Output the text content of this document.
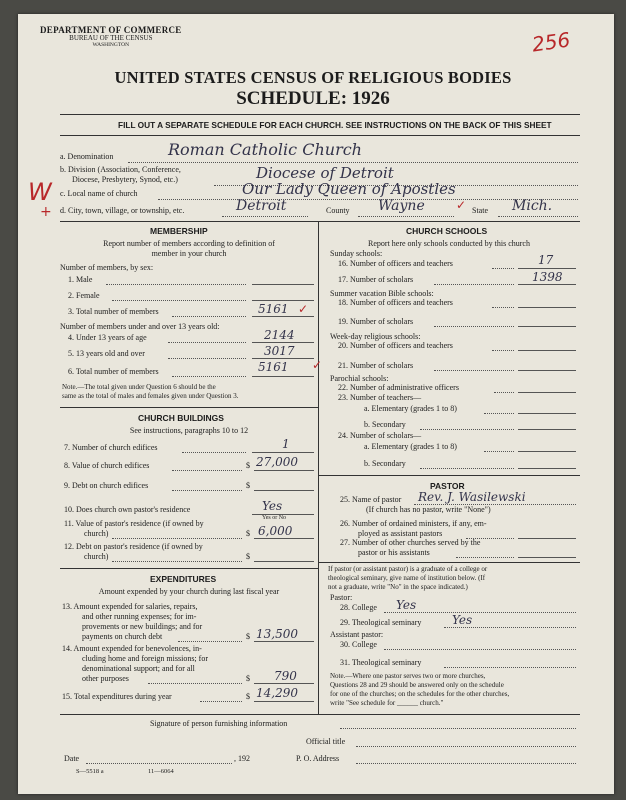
DEPARTMENT OF COMMERCE
BUREAU OF THE CENSUS
WASHINGTON	256
UNITED STATES CENSUS OF RELIGIOUS BODIES
SCHEDULE: 1926
FILL OUT A SEPARATE SCHEDULE FOR EACH CHURCH. SEE INSTRUCTIONS ON THE BACK OF THIS SHEET
a. Denomination	Roman Catholic Church
b. Division (Association, Conference,
Diocese, Presbytery, Synod, etc.)	Diocese of Detroit
W
+
c. Local name of church	Our Lady Queen of Apostles
d. City, town, village, or township, etc.	Detroit	County Wayne	State Mich.
MEMBERSHIP
Report number of members according to definition of
member in your church
Number of members, by sex:
1. Male
2. Female
3. Total number of members	5161
Number of members under and over 13 years old:
4. Under 13 years of age	2144
5. 13 years old and over	3017
6. Total number of members	5161
Note.—The total given under Question 6 should be the
same as the total of males and females given under Question 3.
CHURCH BUILDINGS
See instructions, paragraphs 10 to 12
7. Number of church edifices	1
8. Value of church edifices	$ 27,000
9. Debt on church edifices	$
10. Does church own pastor's residence	Yes
Yes or No
11. Value of pastor's residence (if owned by
church)	$ 6,000
12. Debt on pastor's residence (if owned by
church)	$
EXPENDITURES
Amount expended by your church during last fiscal year
13. Amount expended for salaries, repairs,
and other running expenses; for im-
provements or new buildings; and for
payments on church debt	$ 13,500
14. Amount expended for benevolences, in-
cluding home and foreign missions; for
denominational support; and for all
other purposes	$ 790
15. Total expenditures during year	$ 14,290
CHURCH SCHOOLS
Report here only schools conducted by this church
Sunday schools:
16. Number of officers and teachers	17
17. Number of scholars	1398
Summer vacation Bible schools:
18. Number of officers and teachers
19. Number of scholars
Week-day religious schools:
20. Number of officers and teachers
21. Number of scholars
Parochial schools:
22. Number of administrative officers
23. Number of teachers—
a. Elementary (grades 1 to 8)
b. Secondary
24. Number of scholars—
a. Elementary (grades 1 to 8)
b. Secondary
PASTOR
25. Name of pastor Rev. J. Wasilewski
(If church has no pastor, write "None")
26. Number of ordained ministers, if any, em-
ployed as assistant pastors
27. Number of other churches served by the
pastor or his assistants
If pastor (or assistant pastor) is a graduate of a college or
theological seminary, give name of institution below. (If
not a graduate, write "No" in the space indicated.)
Pastor:
28. College Yes
29. Theological seminary	Yes
Assistant pastor:
30. College
31. Theological seminary
Note.—Where one pastor serves two or more churches,
Questions 28 and 29 should be answered only on the schedule
for one of the churches; on the schedules for the other churches,
write "See schedule for ______ church."
✓
✓
✓
Signature of person furnishing information
Official title
Date	, 192	P. O. Address
S—5518 a	11—6064
